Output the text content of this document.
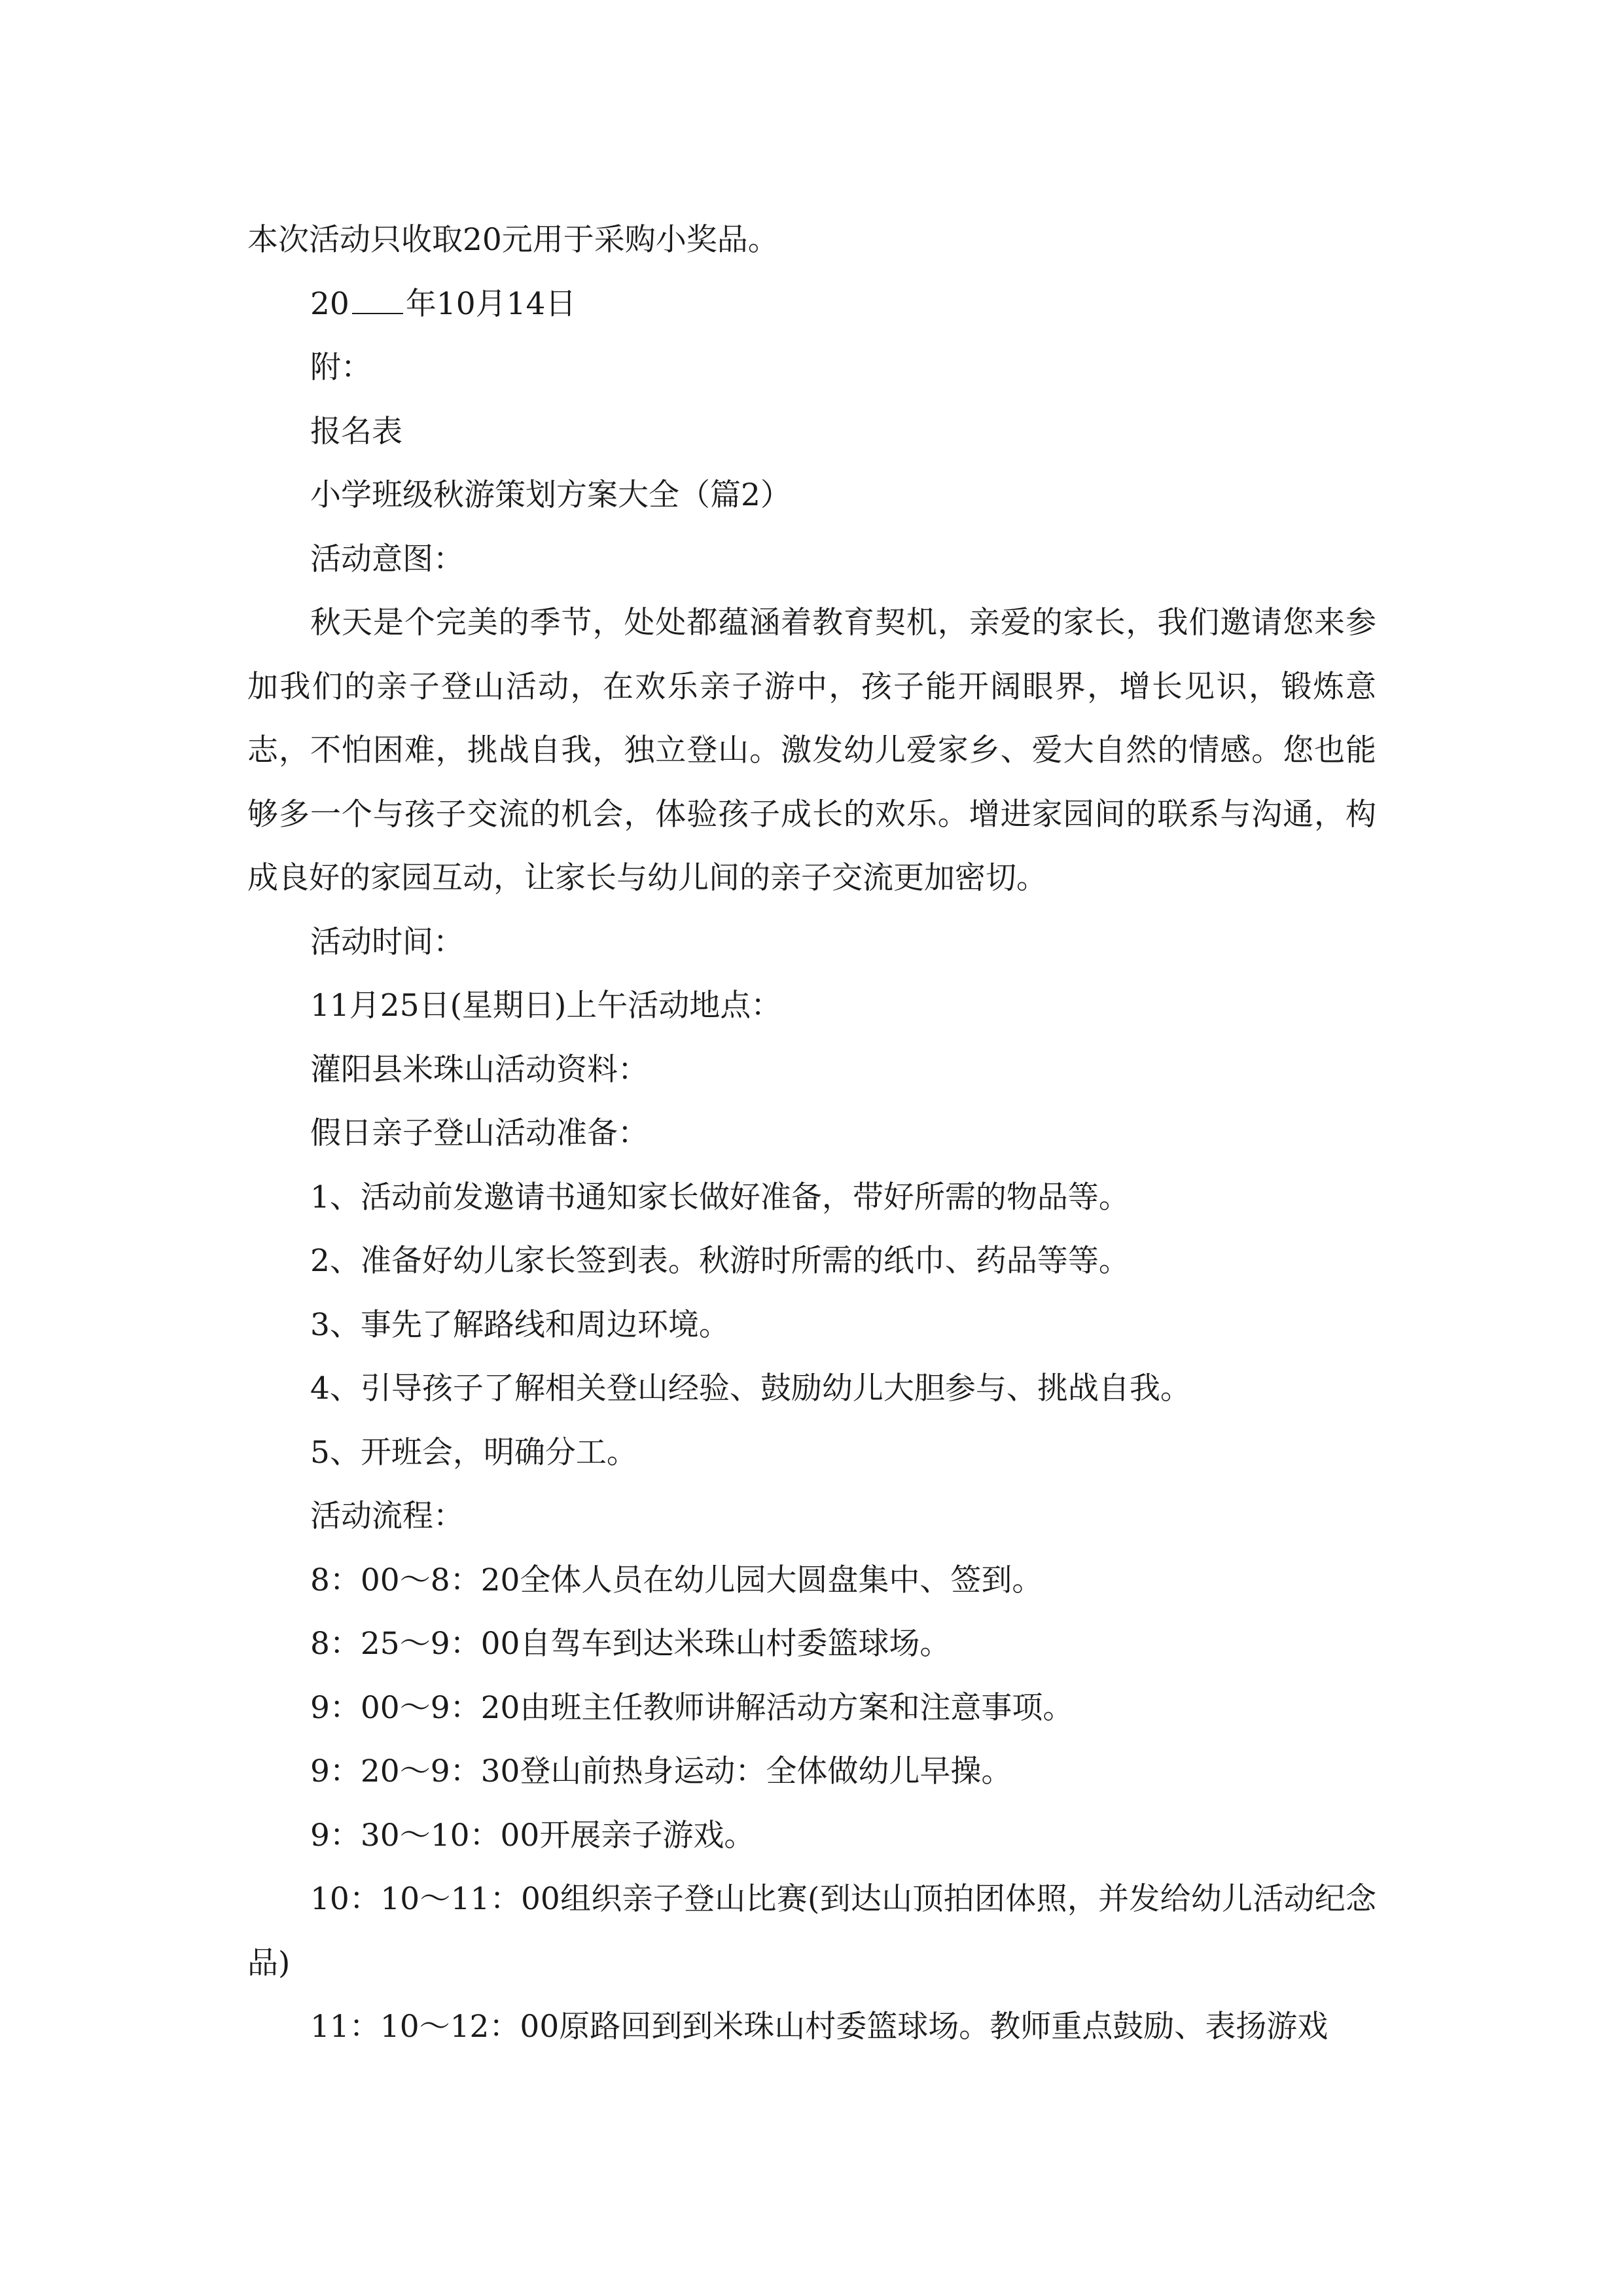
本次活动只收取20元用于采购小奖品。

20 年10月14日

附：

报名表

小学班级秋游策划方案大全（篇2）

活动意图：

秋天是个完美的季节，处处都蕴涵着教育契机，亲爱的家长，我们邀请您来参加我们的亲子登山活动，在欢乐亲子游中，孩子能开阔眼界，增长见识，锻炼意志，不怕困难，挑战自我，独立登山。激发幼儿爱家乡、爱大自然的情感。您也能够多一个与孩子交流的机会，体验孩子成长的欢乐。增进家园间的联系与沟通，构成良好的家园互动，让家长与幼儿间的亲子交流更加密切。

活动时间：

11月25日(星期日)上午活动地点：

灌阳县米珠山活动资料：

假日亲子登山活动准备：

1、活动前发邀请书通知家长做好准备，带好所需的物品等。

2、准备好幼儿家长签到表。秋游时所需的纸巾、药品等等。

3、事先了解路线和周边环境。

4、引导孩子了解相关登山经验、鼓励幼儿大胆参与、挑战自我。

5、开班会，明确分工。

活动流程：

8：00～8：20全体人员在幼儿园大圆盘集中、签到。

8：25～9：00自驾车到达米珠山村委篮球场。

9：00～9：20由班主任教师讲解活动方案和注意事项。

9：20～9：30登山前热身运动：全体做幼儿早操。

9：30～10：00开展亲子游戏。

10：10～11：00组织亲子登山比赛(到达山顶拍团体照，并发给幼儿活动纪念品)

11：10～12：00原路回到到米珠山村委篮球场。教师重点鼓励、表扬游戏
